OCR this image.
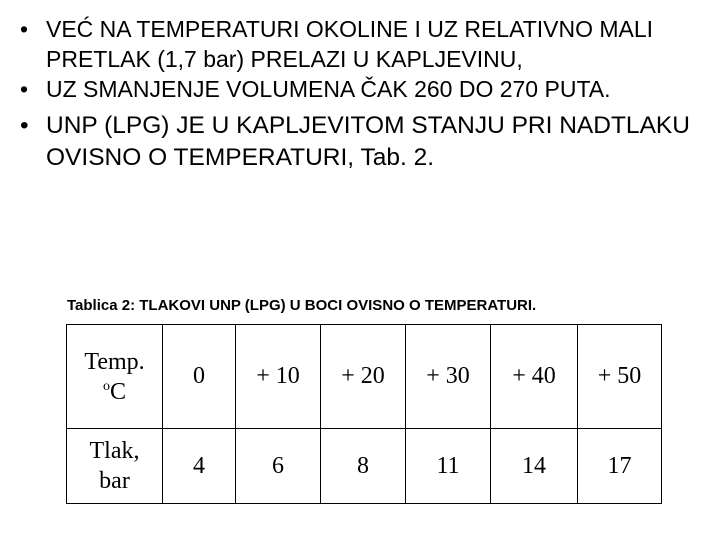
• VEĆ NA TEMPERATURI OKOLINE I UZ RELATIVNO MALI PRETLAK (1,7 bar) PRELAZI U KAPLJEVINU,
• UZ SMANJENJE VOLUMENA ČAK 260 DO 270 PUTA.
• UNP (LPG) JE U KAPLJEVITOM STANJU PRI NADTLAKU OVISNO O TEMPERATURI, Tab. 2.
Tablica 2: TLAKOVI UNP (LPG) U BOCI OVISNO O TEMPERATURI.
Temp.
$^o$C	0	+ 10	+ 20	+ 30	+ 40	+ 50
Tlak,
bar	4	6	8	11	14	17
